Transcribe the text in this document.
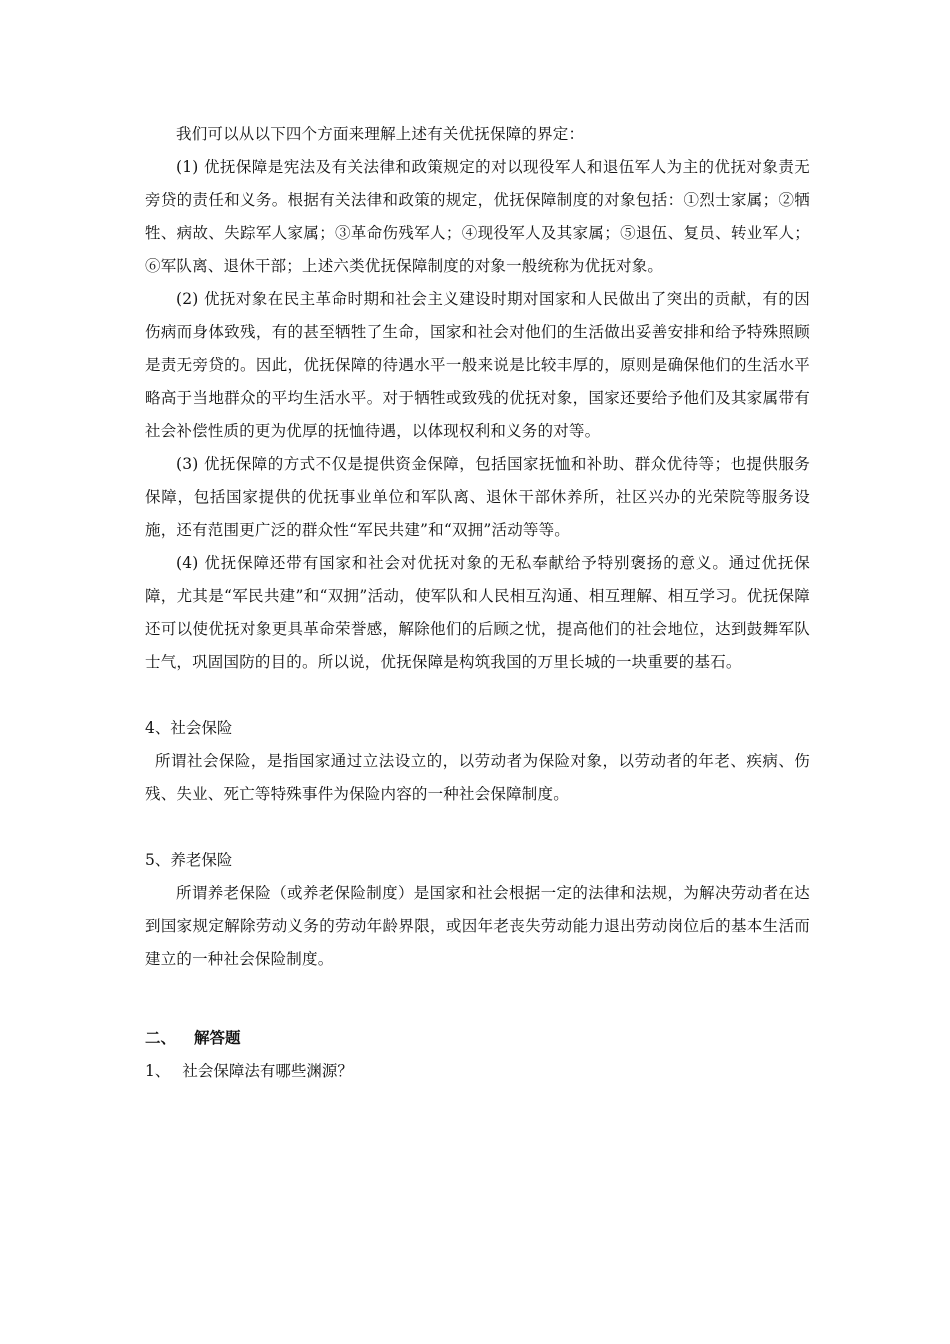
我们可以从以下四个方面来理解上述有关优抚保障的界定：

(1) 优抚保障是宪法及有关法律和政策规定的对以现役军人和退伍军人为主的优抚对象责无旁贷的责任和义务。根据有关法律和政策的规定，优抚保障制度的对象包括：①烈士家属；②牺牲、病故、失踪军人家属；③革命伤残军人；④现役军人及其家属；⑤退伍、复员、转业军人；⑥军队离、退休干部；上述六类优抚保障制度的对象一般统称为优抚对象。

(2) 优抚对象在民主革命时期和社会主义建设时期对国家和人民做出了突出的贡献，有的因伤病而身体致残，有的甚至牺牲了生命，国家和社会对他们的生活做出妥善安排和给予特殊照顾是责无旁贷的。因此，优抚保障的待遇水平一般来说是比较丰厚的，原则是确保他们的生活水平略高于当地群众的平均生活水平。对于牺牲或致残的优抚对象，国家还要给予他们及其家属带有社会补偿性质的更为优厚的抚恤待遇，以体现权利和义务的对等。

(3) 优抚保障的方式不仅是提供资金保障，包括国家抚恤和补助、群众优待等；也提供服务保障，包括国家提供的优抚事业单位和军队离、退休干部休养所，社区兴办的光荣院等服务设施，还有范围更广泛的群众性“军民共建”和“双拥”活动等等。

(4) 优抚保障还带有国家和社会对优抚对象的无私奉献给予特别褒扬的意义。通过优抚保障，尤其是“军民共建”和“双拥”活动，使军队和人民相互沟通、相互理解、相互学习。优抚保障还可以使优抚对象更具革命荣誉感，解除他们的后顾之忧，提高他们的社会地位，达到鼓舞军队士气，巩固国防的目的。所以说，优抚保障是构筑我国的万里长城的一块重要的基石。

4、社会保险

所谓社会保险，是指国家通过立法设立的，以劳动者为保险对象，以劳动者的年老、疾病、伤残、失业、死亡等特殊事件为保险内容的一种社会保障制度。

5、养老保险

所谓养老保险（或养老保险制度）是国家和社会根据一定的法律和法规，为解决劳动者在达到国家规定解除劳动义务的劳动年龄界限，或因年老丧失劳动能力退出劳动岗位后的基本生活而建立的一种社会保险制度。

二、 解答题

1、 社会保障法有哪些渊源？
